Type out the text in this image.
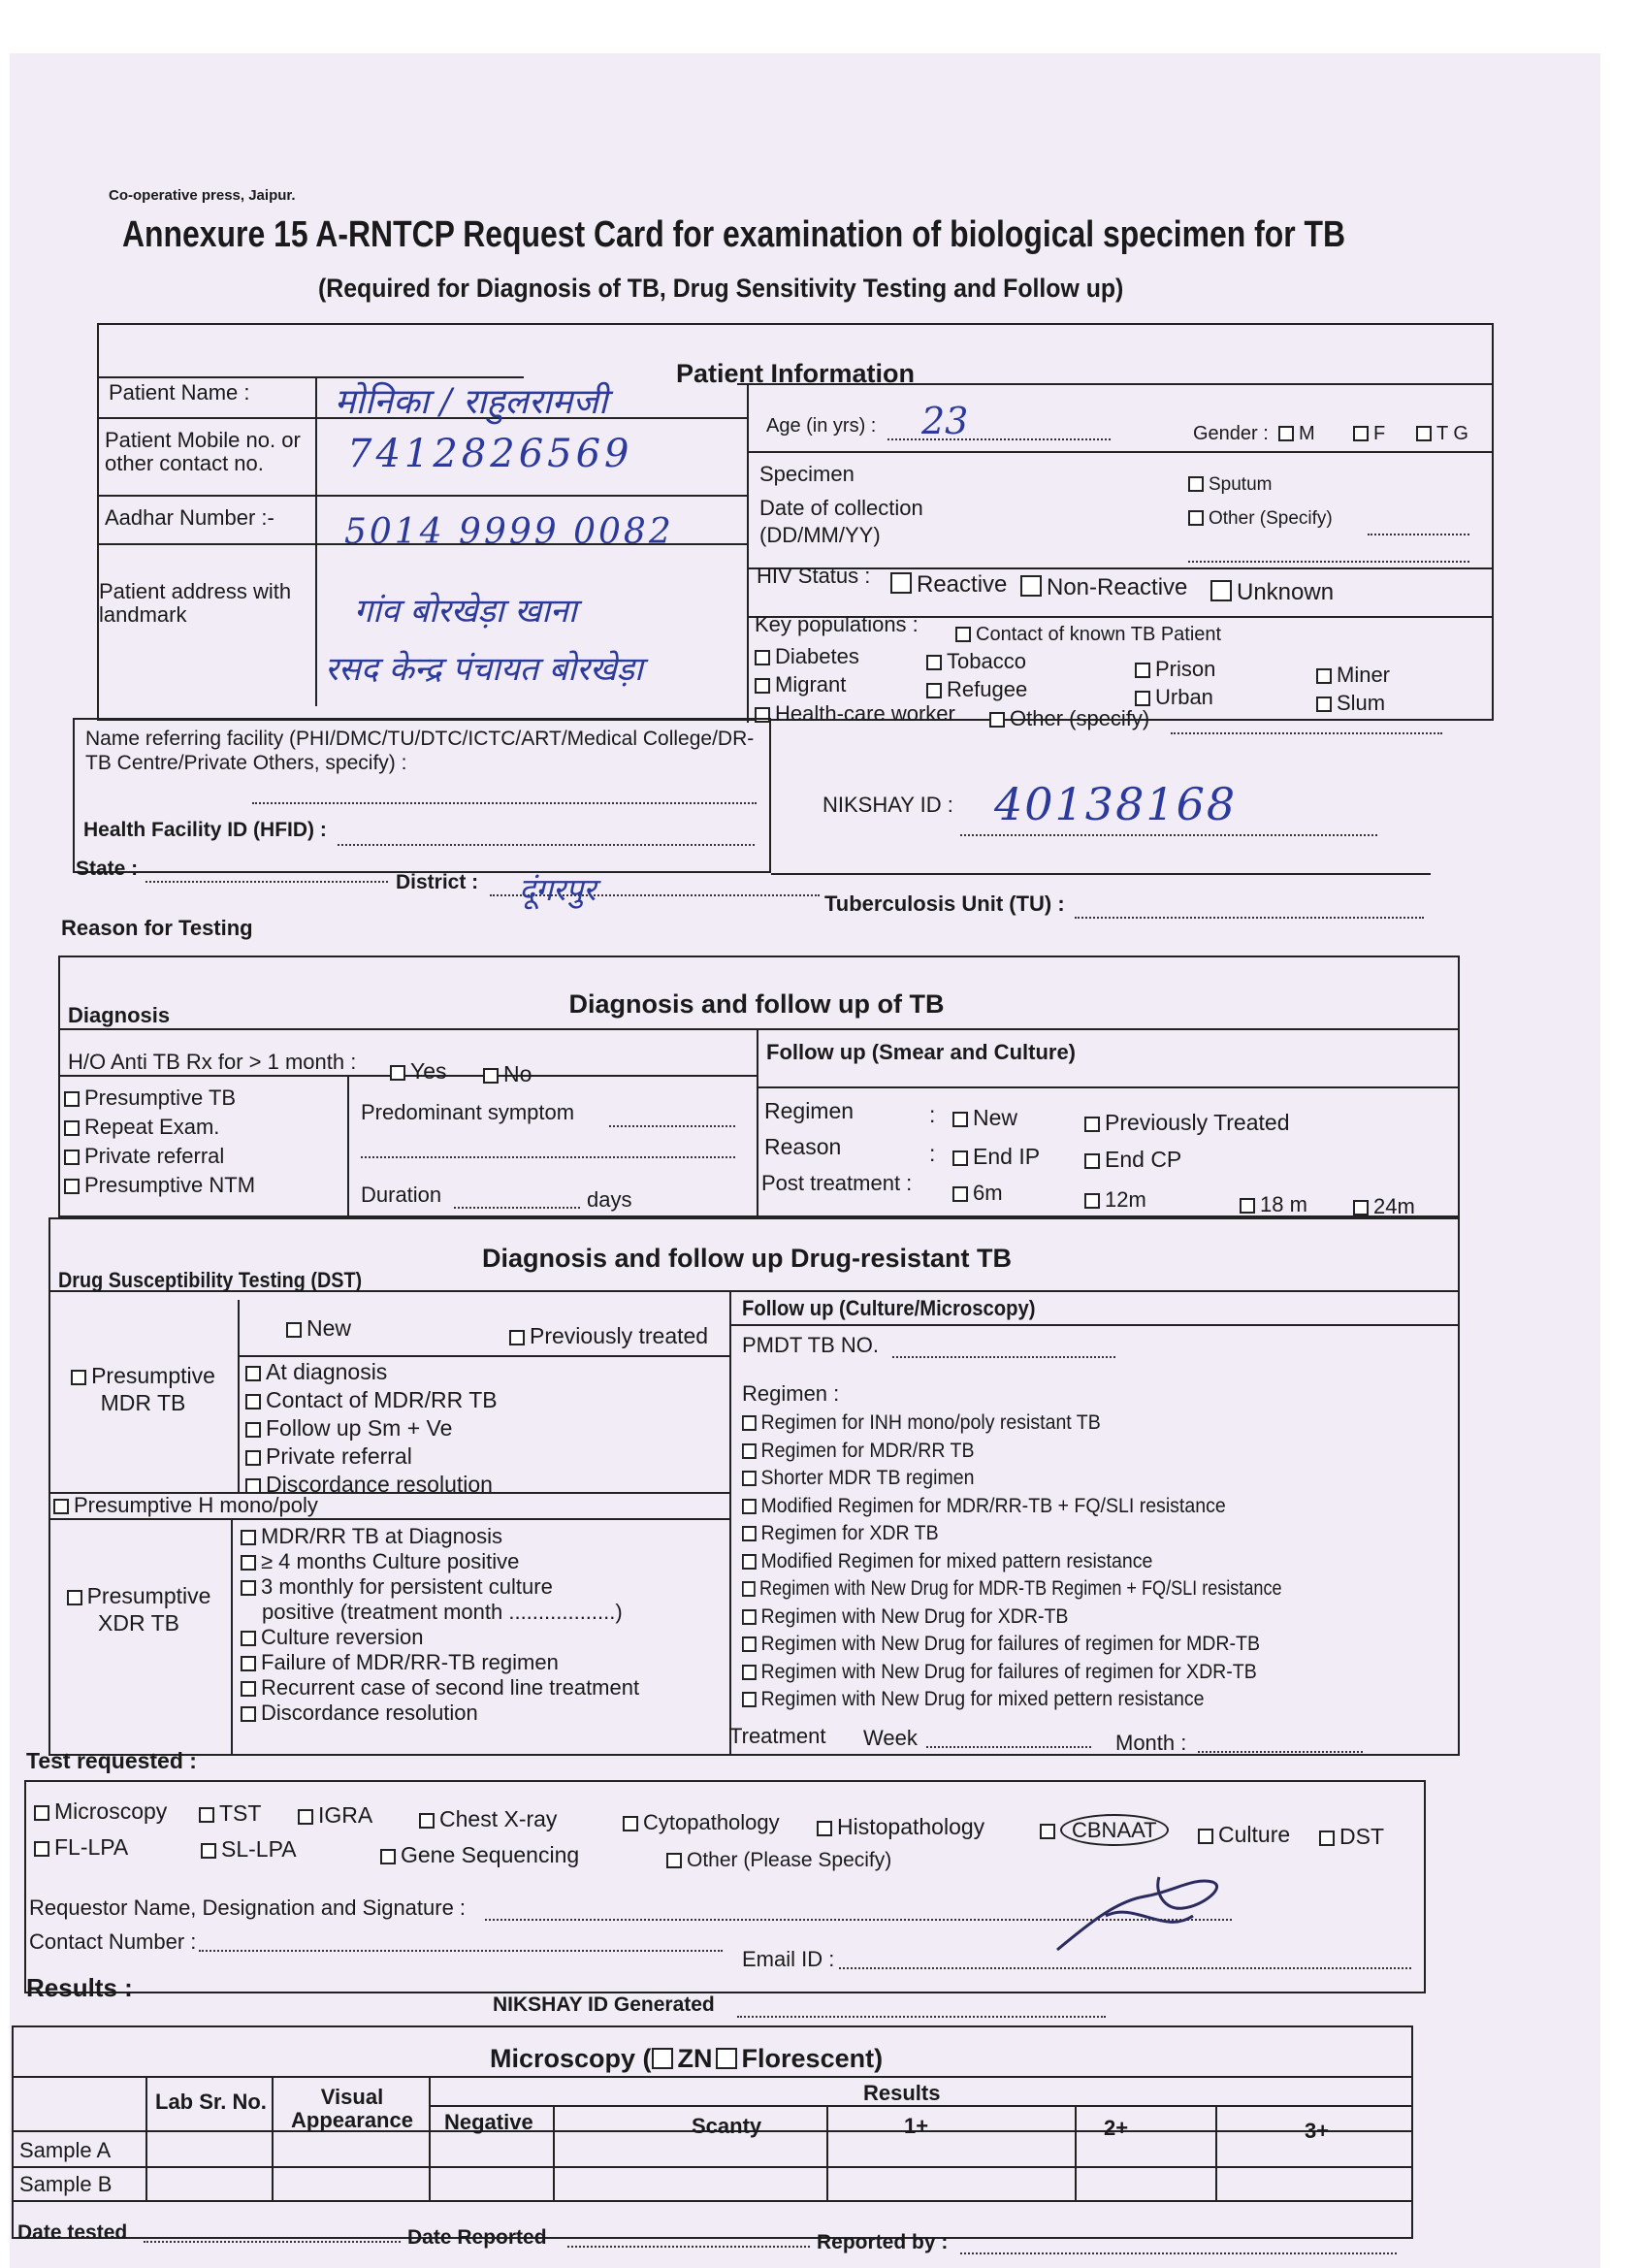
Co-operative press, Jaipur.
Annexure 15 A-RNTCP Request Card for examination of biological specimen for TB
(Required for Diagnosis of TB, Drug Sensitivity Testing and Follow up)
Patient Information
Patient Name : मोनिका / राहुलरामजी
Patient Mobile no. or other contact no.	7412826569
Aadhar Number :- 5014 9999 0082
Patient address with landmark	गांव बोरखेड़ा खाना
रसद केन्द्र पंचायत बोरखेड़ा
Age (in yrs) : 23	Gender :	M	F	T G
Specimen
Date of collection (DD/MM/YY)
Sputum
Other (Specify)
HIV Status :	Reactive	Non-Reactive	Unknown
Key populations :	Contact of known TB Patient
Diabetes	Tobacco	Prison	Miner
Migrant	Refugee	Urban	Slum
Health-care worker	Other (specify)
Name referring facility (PHI/DMC/TU/DTC/ICTC/ART/Medical College/DR-TB Centre/Private Others, specify) :
Health Facility ID (HFID) :
State :
District : दूंगरपुर
NIKSHAY ID : 40138168
Tuberculosis Unit (TU) :
Reason for Testing
Diagnosis and follow up of TB
Diagnosis
H/O Anti TB Rx for > 1 month :	Yes	No
Presumptive TB
Repeat Exam.
Private referral
Presumptive NTM
Predominant symptom
Duration	days
Follow up (Smear and Culture)
Regimen	:	New	Previously Treated
Reason	:	End IP	End CP
Post treatment :	6m	12m	18 m	24m
Diagnosis and follow up Drug-resistant TB
Drug Susceptibility Testing (DST)
Follow up (Culture/Microscopy)
Presumptive MDR TB
New	Previously treated
At diagnosis
Contact of MDR/RR TB
Follow up Sm + Ve
Private referral
Discordance resolution
Presumptive H mono/poly
Presumptive XDR TB
MDR/RR TB at Diagnosis
≥ 4 months Culture positive
3 monthly for persistent culture
positive (treatment month ..................)
Culture reversion
Failure of MDR/RR-TB regimen
Recurrent case of second line treatment
Discordance resolution
PMDT TB NO.
Regimen :
Regimen for INH mono/poly resistant TB
Regimen for MDR/RR TB
Shorter MDR TB regimen
Modified Regimen for MDR/RR-TB + FQ/SLI resistance
Regimen for XDR TB
Modified Regimen for mixed pattern resistance
Regimen with New Drug for MDR-TB Regimen + FQ/SLI resistance
Regimen with New Drug for XDR-TB
Regimen with New Drug for failures of regimen for MDR-TB
Regimen with New Drug for failures of regimen for XDR-TB
Regimen with New Drug for mixed pettern resistance
Treatment Week	Month :
Test requested :
Microscopy	TST	IGRA	Chest X-ray	Cytopathology	Histopathology	CBNAAT	Culture	DST
FL-LPA	SL-LPA	Gene Sequencing	Other (Please Specify)
Requestor Name, Designation and Signature :
Contact Number :
Email ID :
Results :
NIKSHAY ID Generated
Microscopy ( ZN Florescent)
Lab Sr. No.	Visual Appearance
Results
Negative	Scanty	1+	2+	3+
Sample A
Sample B
Date tested	Date Reported	Reported by :
